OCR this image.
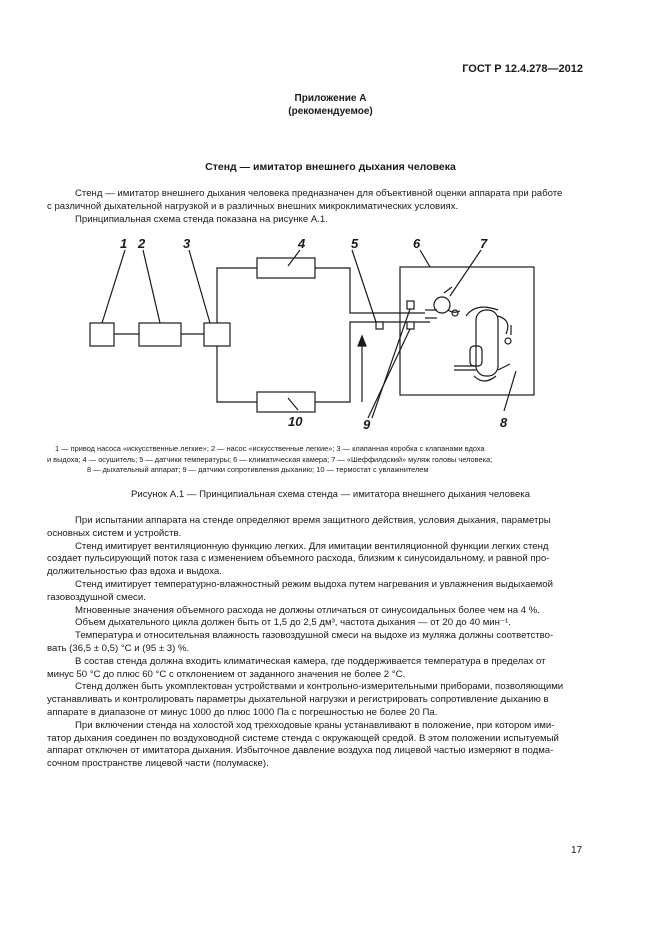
ГОСТ Р 12.4.278—2012
Приложение А
(рекомендуемое)
Стенд — имитатор внешнего дыхания человека
Стенд — имитатор внешнего дыхания человека предназначен для объективной оценки аппарата при работе
с различной дыхательной нагрузкой и в различных внешних микроклиматических условиях.
Принципиальная схема стенда показана на рисунке А.1.
1 2	3	4	5	6	7
8
9
10
1 — привод насоса «искусственные легкие»; 2 — насос «искусственные легкие»; 3 — клапанная коробка с клапанами вдоха
и выдоха; 4 — осушитель; 5 — датчики температуры; 6 — климатическая камера; 7 — «Шеффилдский» муляж головы человека;
8 — дыхательный аппарат; 9 — датчики сопротивления дыханию; 10 — термостат с увлажнителем
Рисунок А.1 — Принципиальная схема стенда — имитатора внешнего дыхания человека
При испытании аппарата на стенде определяют время защитного действия, условия дыхания, параметры
основных систем и устройств.
Стенд имитирует вентиляционную функцию легких. Для имитации вентиляционной функции легких стенд
создает пульсирующий поток газа с изменением объемного расхода, близким к синусоидальному, и равной про-
должительностью фаз вдоха и выдоха.
Стенд имитирует температурно-влажностный режим выдоха путем нагревания и увлажнения выдыхаемой
газовоздушной смеси.
Мгновенные значения объемного расхода не должны отличаться от синусоидальных более чем на 4 %.
Объем дыхательного цикла должен быть от 1,5 до 2,5 дм³, частота дыхания — от 20 до 40 мин⁻¹.
Температура и относительная влажность газовоздушной смеси на выдохе из муляжа должны соответство-
вать (36,5 ± 0,5) °С и (95 ± 3) %.
В состав стенда должна входить климатическая камера, где поддерживается температура в пределах от
минус 50 °С до плюс 60 °С с отклонением от заданного значения не более 2 °С.
Стенд должен быть укомплектован устройствами и контрольно-измерительными приборами, позволяющими
устанавливать и контролировать параметры дыхательной нагрузки и регистрировать сопротивление дыханию в
аппарате в диапазоне от минус 1000 до плюс 1000 Па с погрешностью не более 20 Па.
При включении стенда на холостой ход трехходовые краны устанавливают в положение, при котором ими-
татор дыхания соединен по воздуховодной системе стенда с окружающей средой. В этом положении испытуемый
аппарат отключен от имитатора дыхания. Избыточное давление воздуха под лицевой частью измеряют в подма-
сочном пространстве лицевой части (полумаске).
17
